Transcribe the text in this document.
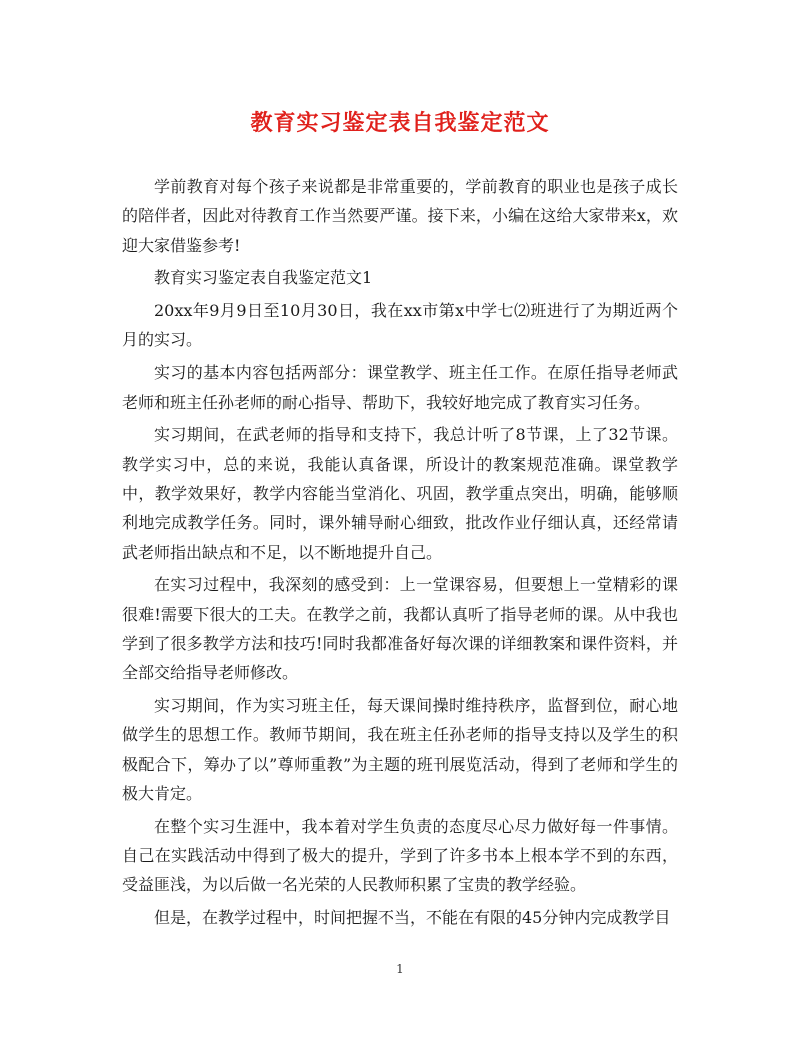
教育实习鉴定表自我鉴定范文

学前教育对每个孩子来说都是非常重要的，学前教育的职业也是孩子成长的陪伴者，因此对待教育工作当然要严谨。接下来，小编在这给大家带来x，欢迎大家借鉴参考!

教育实习鉴定表自我鉴定范文1

20xx年9月9日至10月30日，我在xx市第x中学七⑵班进行了为期近两个月的实习。

实习的基本内容包括两部分：课堂教学、班主任工作。在原任指导老师武老师和班主任孙老师的耐心指导、帮助下，我较好地完成了教育实习任务。

实习期间，在武老师的指导和支持下，我总计听了8节课，上了32节课。教学实习中，总的来说，我能认真备课，所设计的教案规范准确。课堂教学中，教学效果好，教学内容能当堂消化、巩固，教学重点突出，明确，能够顺利地完成教学任务。同时，课外辅导耐心细致，批改作业仔细认真，还经常请武老师指出缺点和不足，以不断地提升自己。

在实习过程中，我深刻的感受到：上一堂课容易，但要想上一堂精彩的课很难!需要下很大的工夫。在教学之前，我都认真听了指导老师的课。从中我也学到了很多教学方法和技巧!同时我都准备好每次课的详细教案和课件资料，并全部交给指导老师修改。

实习期间，作为实习班主任，每天课间操时维持秩序，监督到位，耐心地做学生的思想工作。教师节期间，我在班主任孙老师的指导支持以及学生的积极配合下，筹办了以”尊师重教”为主题的班刊展览活动，得到了老师和学生的极大肯定。

在整个实习生涯中，我本着对学生负责的态度尽心尽力做好每一件事情。自己在实践活动中得到了极大的提升，学到了许多书本上根本学不到的东西，受益匪浅，为以后做一名光荣的人民教师积累了宝贵的教学经验。

但是，在教学过程中，时间把握不当，不能在有限的45分钟内完成教学目

1
